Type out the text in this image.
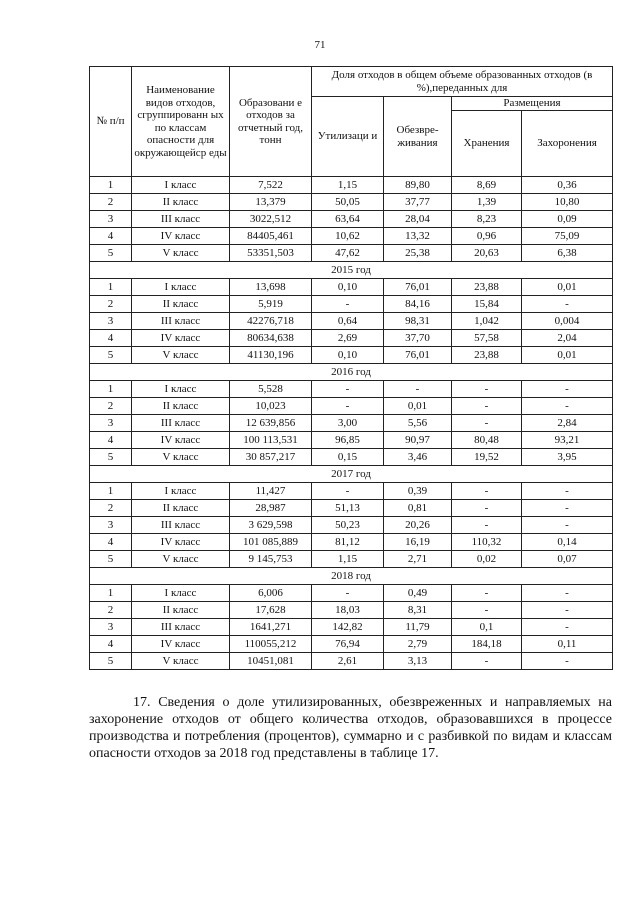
71
№ п/п	Наименование видов отходов, сгруппированн ых по классам опасности для окружающейср еды	Образовани е отходов за отчетный год, тонн	Доля отходов в общем объеме образованных отходов (в %),переданных для			
			Утилизаци и	Обезвре-живания	Размещения	
					Хранения	Захоронения
1	I класс	7,522	1,15	89,80	8,69	0,36
2	II класс	13,379	50,05	37,77	1,39	10,80
3	III класс	3022,512	63,64	28,04	8,23	0,09
4	IV класс	84405,461	10,62	13,32	0,96	75,09
5	V класс	53351,503	47,62	25,38	20,63	6,38
2015 год						
1	I класс	13,698	0,10	76,01	23,88	0,01
2	II класс	5,919	-	84,16	15,84	-
3	III класс	42276,718	0,64	98,31	1,042	0,004
4	IV класс	80634,638	2,69	37,70	57,58	2,04
5	V класс	41130,196	0,10	76,01	23,88	0,01
2016 год						
1	I класс	5,528	-	-	-	-
2	II класс	10,023	-	0,01	-	-
3	III класс	12 639,856	3,00	5,56	-	2,84
4	IV класс	100 113,531	96,85	90,97	80,48	93,21
5	V класс	30 857,217	0,15	3,46	19,52	3,95
2017 год						
1	I класс	11,427	-	0,39	-	-
2	II класс	28,987	51,13	0,81	-	-
3	III класс	3 629,598	50,23	20,26	-	-
4	IV класс	101 085,889	81,12	16,19	110,32	0,14
5	V класс	9 145,753	1,15	2,71	0,02	0,07
2018 год						
1	I класс	6,006	-	0,49	-	-
2	II класс	17,628	18,03	8,31	-	-
3	III класс	1641,271	142,82	11,79	0,1	-
4	IV класс	110055,212	76,94	2,79	184,18	0,11
5	V класс	10451,081	2,61	3,13	-	-

17. Сведения о доле утилизированных, обезвреженных и направляемых на захоронение отходов от общего количества отходов, образовавшихся в процессе производства и потребления (процентов), суммарно и с разбивкой по видам и классам опасности отходов за 2018 год представлены в таблице 17.
